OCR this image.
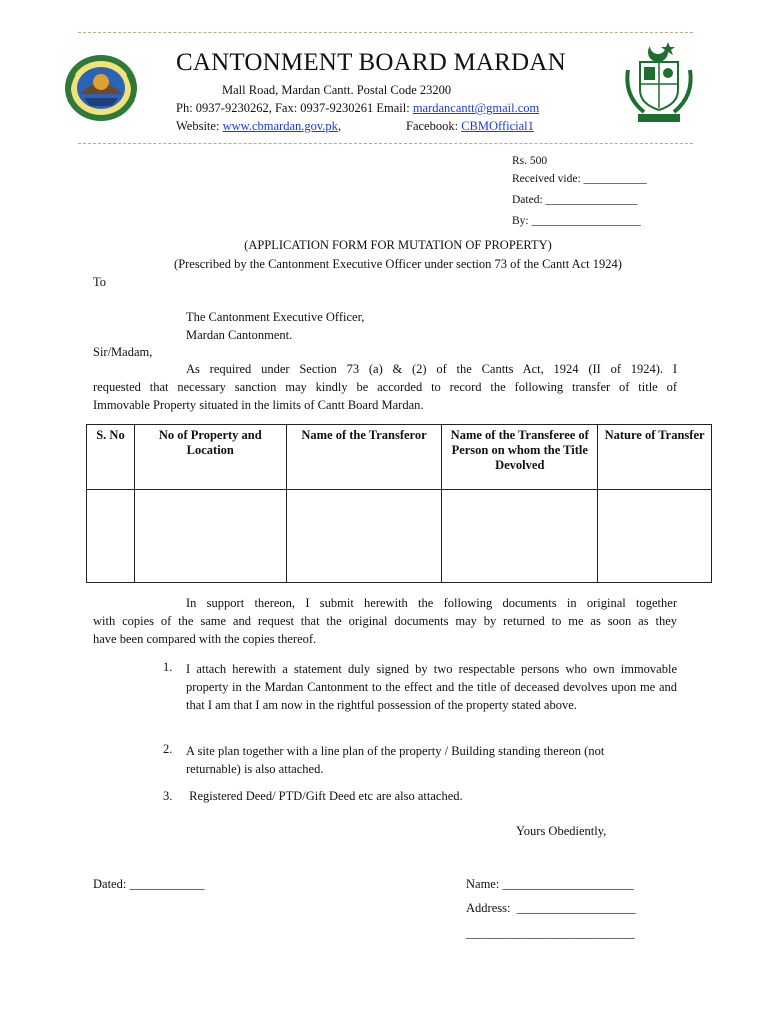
CANTONMENT BOARD MARDAN
Mall Road, Mardan Cantt. Postal Code 23200
Ph: 0937-9230262, Fax: 0937-9230261 Email: mardancantt@gmail.com
Website: www.cbmardan.gov.pk,	Facebook: CBMOfficial1
Rs. 500
Received vide: ___________
Dated: ________________
By: ___________________
(APPLICATION FORM FOR MUTATION OF PROPERTY)
(Prescribed by the Cantonment Executive Officer under section 73 of the Cantt Act 1924)
To
The Cantonment Executive Officer,
Mardan Cantonment.
Sir/Madam,
As required under Section 73 (a) & (2) of the Cantts Act, 1924 (II of 1924). I
requested that necessary sanction may kindly be accorded to record the following transfer of title of
Immovable Property situated in the limits of Cantt Board Mardan.
S. No	No of Property and Location	Name of the Transferor	Name of the Transferee of Person on whom the Title Devolved	Nature of Transfer

In support thereon, I submit herewith the following documents in original together
with copies of the same and request that the original documents may by returned to me as soon as they
have been compared with the copies thereof.
1. I attach herewith a statement duly signed by two respectable persons who own immovable property in the Mardan Cantonment to the effect and the title of deceased devolves upon me and that I am that I am now in the rightful possession of the property stated above.
2. A site plan together with a line plan of the property / Building standing thereon (not returnable) is also attached.
3. Registered Deed/ PTD/Gift Deed etc are also attached.
Yours Obediently,
Dated: ____________	Name: _____________________
Address:  ___________________
___________________________
